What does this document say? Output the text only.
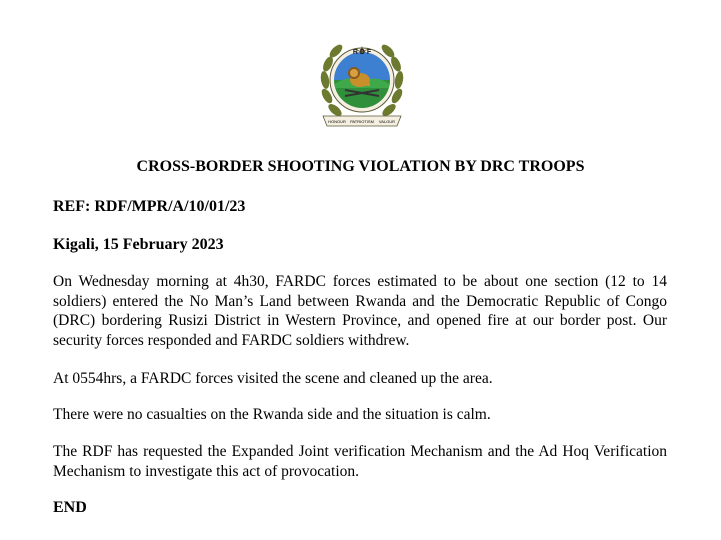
R D F
HONOUR PATRIOTISM VALOUR
CROSS-BORDER SHOOTING VIOLATION BY DRC TROOPS
REF: RDF/MPR/A/10/01/23
Kigali, 15 February 2023
On Wednesday morning at 4h30, FARDC forces estimated to be about one section (12 to 14 soldiers) entered the No Man’s Land between Rwanda and the Democratic Republic of Congo (DRC) bordering Rusizi District in Western Province, and opened fire at our border post. Our security forces responded and FARDC soldiers withdrew.
At 0554hrs, a FARDC forces visited the scene and cleaned up the area.
There were no casualties on the Rwanda side and the situation is calm.
The RDF has requested the Expanded Joint verification Mechanism and the Ad Hoq Verification Mechanism to investigate this act of provocation.
END
